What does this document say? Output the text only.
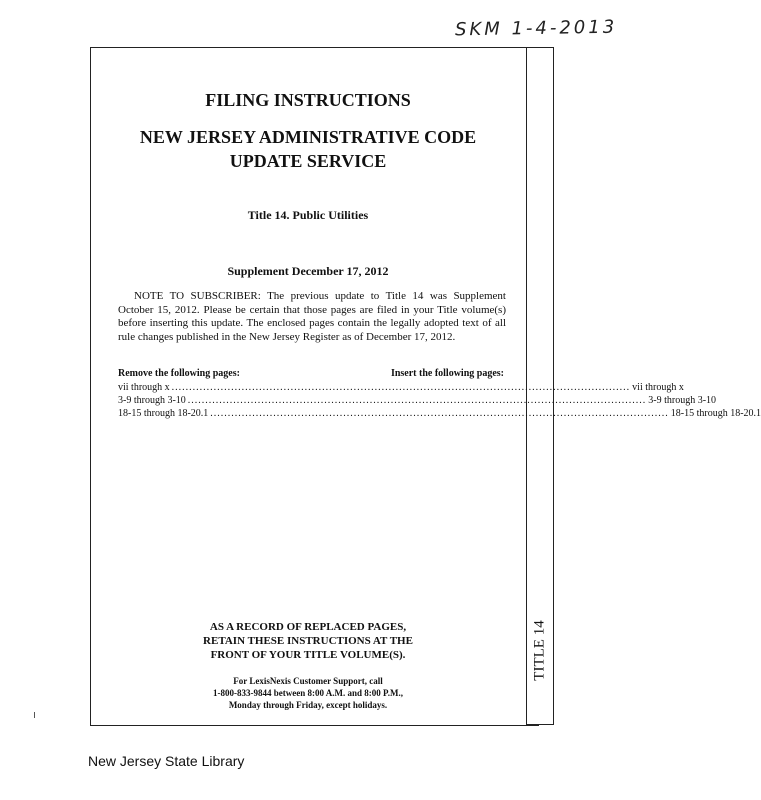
SKM 1-4-2013
TITLE 14
FILING INSTRUCTIONS
NEW JERSEY ADMINISTRATIVE CODE
UPDATE SERVICE
Title 14. Public Utilities
Supplement December 17, 2012
NOTE TO SUBSCRIBER: The previous update to Title 14 was Supplement October 15, 2012. Please be certain that those pages are filed in your Title volume(s) before inserting this update. The enclosed pages contain the legally adopted text of all rule changes published in the New Jersey Register as of December 17, 2012.
Remove the following pages:	Insert the following pages:
vii through x ................................................................................................................................... vii through x
3-9 through 3-10 ................................................................................................................................... 3-9 through 3-10
18-15 through 18-20.1 ................................................................................................................................... 18-15 through 18-20.1
AS A RECORD OF REPLACED PAGES,
RETAIN THESE INSTRUCTIONS AT THE
FRONT OF YOUR TITLE VOLUME(S).
For LexisNexis Customer Support, call
1-800-833-9844 between 8:00 A.M. and 8:00 P.M.,
Monday through Friday, except holidays.
New Jersey State Library
